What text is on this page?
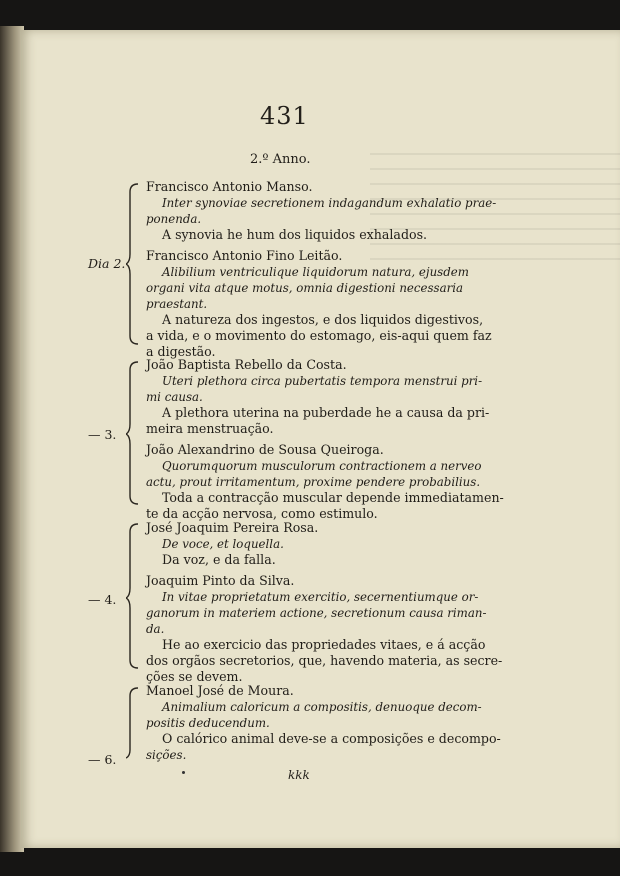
431
2.º Anno.
Dia 2.
Francisco Antonio Manso.
Inter synoviae secretionem indagandum exhalatio prae-
ponenda.
A synovia he hum dos liquidos exhalados.
Francisco Antonio Fino Leitão.
Alibilium ventriculique liquidorum natura, ejusdem
organi vita atque motus, omnia digestioni necessaria
praestant.
A natureza dos ingestos, e dos liquidos digestivos,
a vida, e o movimento do estomago, eis-aqui quem faz
a digestão.
— 3.
João Baptista Rebello da Costa.
Uteri plethora circa pubertatis tempora menstrui pri-
mi causa.
A plethora uterina na puberdade he a causa da pri-
meira menstruação.
João Alexandrino de Sousa Queiroga.
Quorumquorum musculorum contractionem a nerveo
actu, prout irritamentum, proxime pendere probabilius.
Toda a contracção muscular depende immediatamen-
te da acção nervosa, como estimulo.
— 4.
José Joaquim Pereira Rosa.
De voce, et loquella.
Da voz, e da falla.
Joaquim Pinto da Silva.
In vitae proprietatum exercitio, secernentiumque or-
ganorum in materiem actione, secretionum causa riman-
da.
He ao exercicio das propriedades vitaes, e á acção
dos orgãos secretorios, que, havendo materia, as secre-
ções se devem.
— 6.
Manoel José de Moura.
Animalium caloricum a compositis, denuoque decom-
positis deducendum.
O calórico animal deve-se a composições e decompo-
sições.
kkk
